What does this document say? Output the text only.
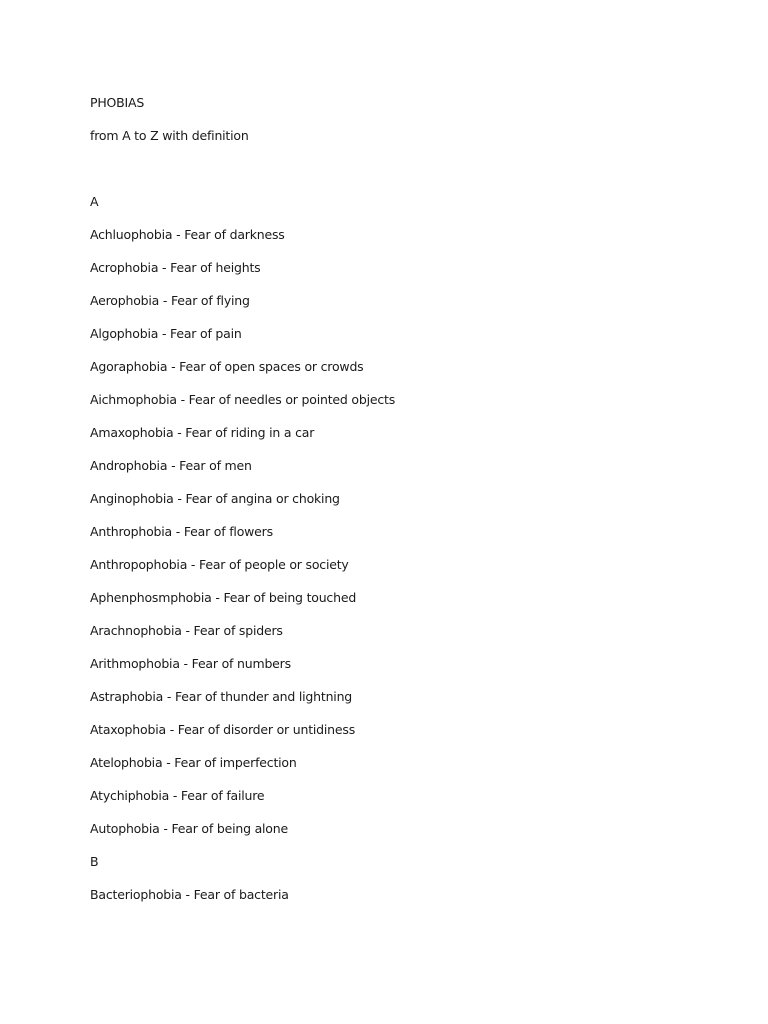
PHOBIAS
from A to Z with definition
A
Achluophobia - Fear of darkness
Acrophobia - Fear of heights
Aerophobia - Fear of flying
Algophobia - Fear of pain
Agoraphobia - Fear of open spaces or crowds
Aichmophobia - Fear of needles or pointed objects
Amaxophobia - Fear of riding in a car
Androphobia - Fear of men
Anginophobia - Fear of angina or choking
Anthrophobia - Fear of flowers
Anthropophobia - Fear of people or society
Aphenphosmphobia - Fear of being touched
Arachnophobia - Fear of spiders
Arithmophobia - Fear of numbers
Astraphobia - Fear of thunder and lightning
Ataxophobia - Fear of disorder or untidiness
Atelophobia - Fear of imperfection
Atychiphobia - Fear of failure
Autophobia - Fear of being alone
B
Bacteriophobia - Fear of bacteria
